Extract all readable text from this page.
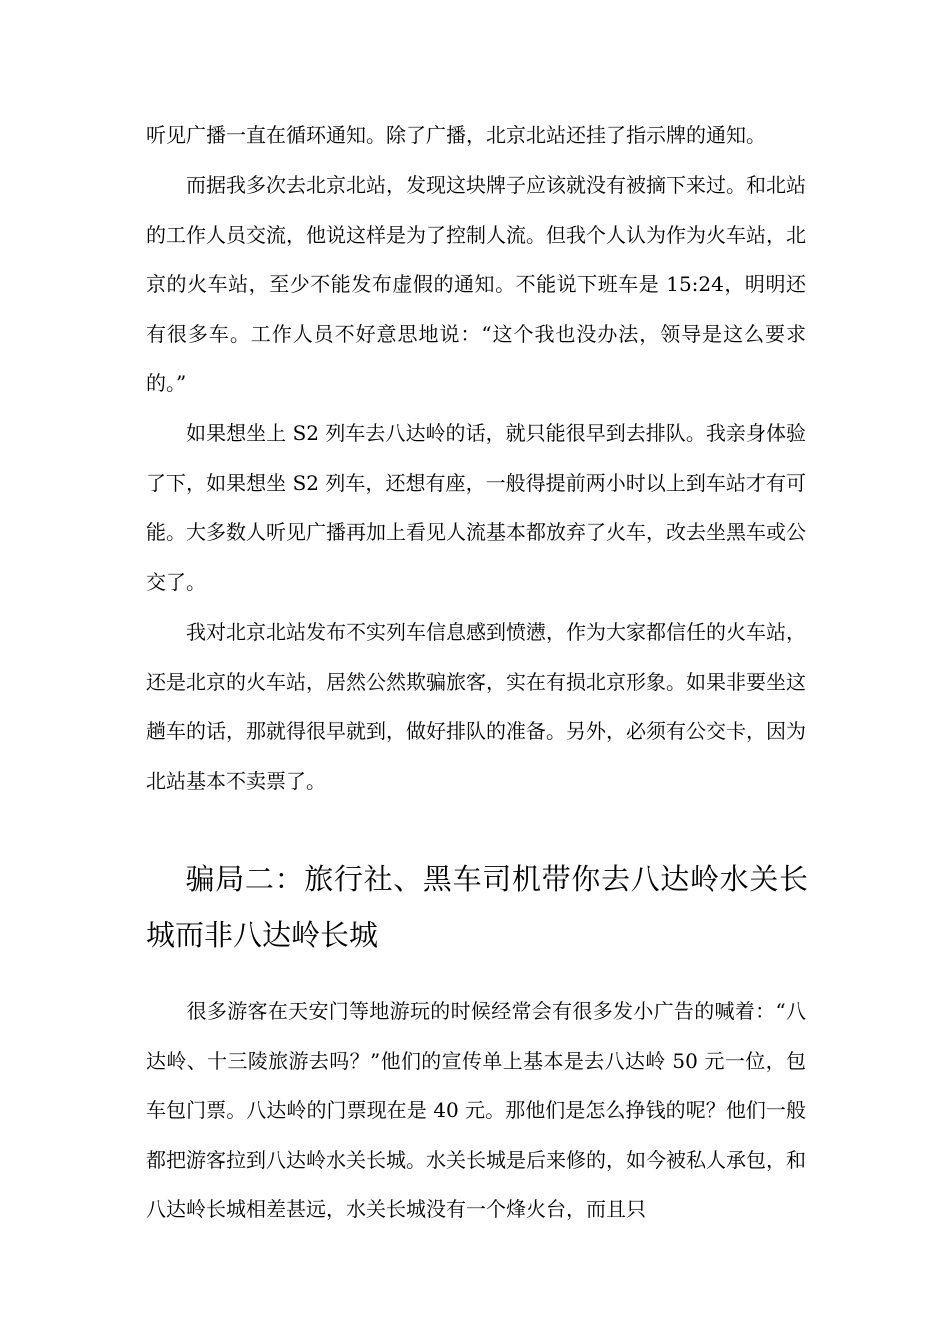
听见广播一直在循环通知。除了广播，北京北站还挂了指示牌的通知。

　　而据我多次去北京北站，发现这块牌子应该就没有被摘下来过。和北站的工作人员交流，他说这样是为了控制人流。但我个人认为作为火车站，北京的火车站，至少不能发布虚假的通知。不能说下班车是 15:24，明明还有很多车。工作人员不好意思地说：“这个我也没办法，领导是这么要求的。”

　　如果想坐上 S2 列车去八达岭的话，就只能很早到去排队。我亲身体验了下，如果想坐 S2 列车，还想有座，一般得提前两小时以上到车站才有可能。大多数人听见广播再加上看见人流基本都放弃了火车，改去坐黑车或公交了。

　　我对北京北站发布不实列车信息感到愤懑，作为大家都信任的火车站，还是北京的火车站，居然公然欺骗旅客，实在有损北京形象。如果非要坐这趟车的话，那就得很早就到，做好排队的准备。另外，必须有公交卡，因为北站基本不卖票了。

　 骗局二：旅行社、黑车司机带你去八达岭水关长城而非八达岭长城

　　很多游客在天安门等地游玩的时候经常会有很多发小广告的喊着：“八达岭、十三陵旅游去吗？”他们的宣传单上基本是去八达岭 50 元一位，包车包门票。八达岭的门票现在是 40 元。那他们是怎么挣钱的呢？他们一般都把游客拉到八达岭水关长城。水关长城是后来修的，如今被私人承包，和八达岭长城相差甚远，水关长城没有一个烽火台，而且只
